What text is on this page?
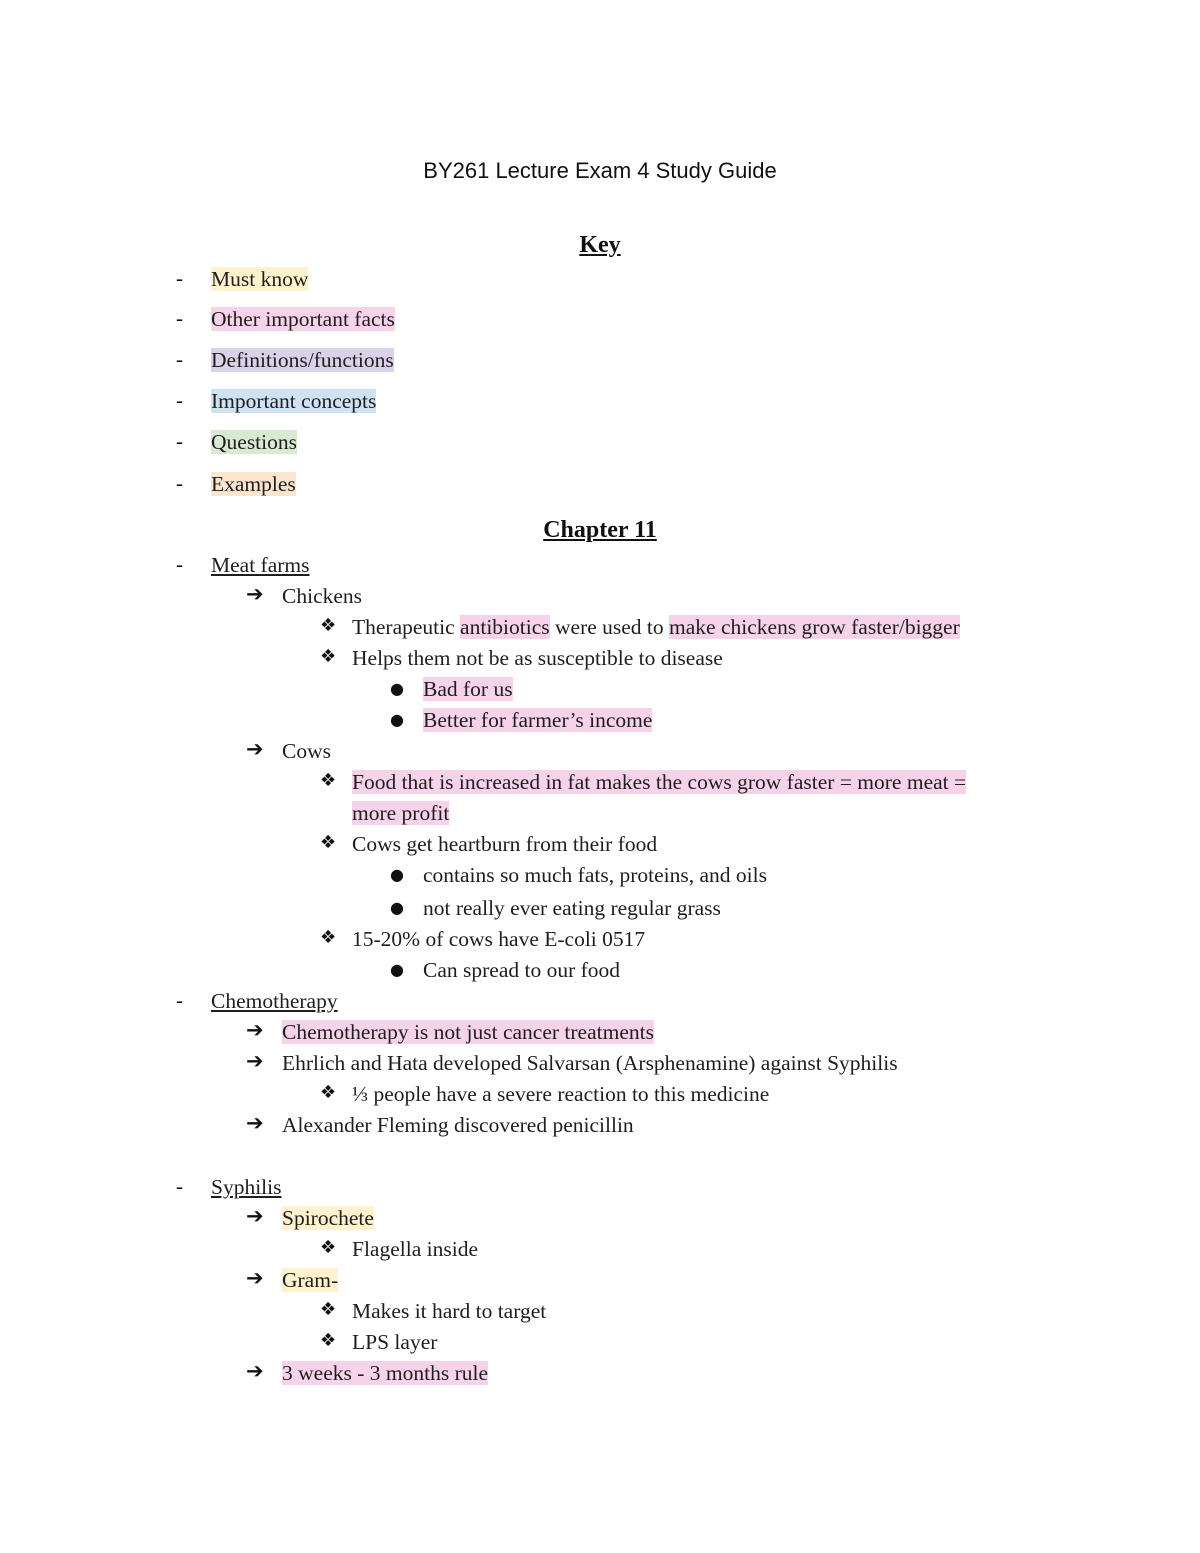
BY261 Lecture Exam 4 Study Guide
Key
- Must know
- Other important facts
- Definitions/functions
- Important concepts
- Questions
- Examples
Chapter 11
- Meat farms
➔ Chickens
❖ Therapeutic antibiotics were used to make chickens grow faster/bigger
❖ Helps them not be as susceptible to disease
● Bad for us
● Better for farmer’s income
➔ Cows
❖ Food that is increased in fat makes the cows grow faster = more meat =
more profit
❖ Cows get heartburn from their food
● contains so much fats, proteins, and oils
● not really ever eating regular grass
❖ 15-20% of cows have E-coli 0517
● Can spread to our food
- Chemotherapy
➔ Chemotherapy is not just cancer treatments
➔ Ehrlich and Hata developed Salvarsan (Arsphenamine) against Syphilis
❖ ⅓ people have a severe reaction to this medicine
➔ Alexander Fleming discovered penicillin
- Syphilis
➔ Spirochete
❖ Flagella inside
➔ Gram-
❖ Makes it hard to target
❖ LPS layer
➔ 3 weeks - 3 months rule
